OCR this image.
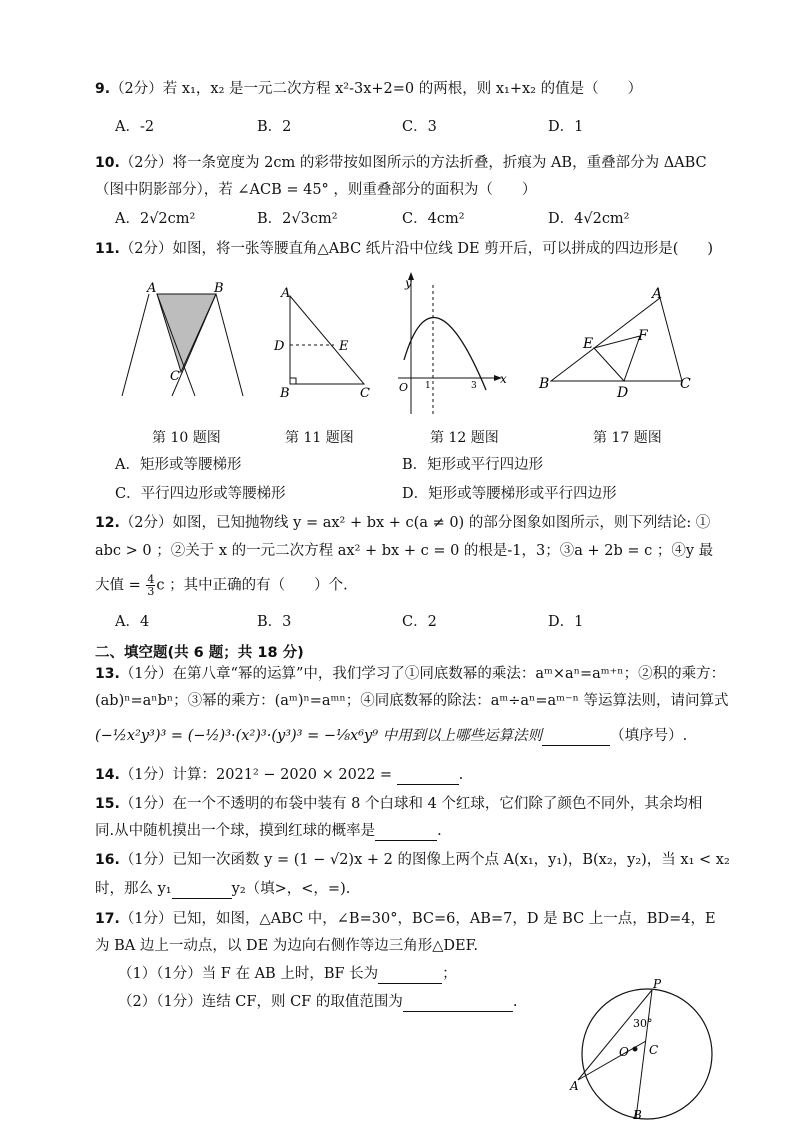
9.（2分）若 x₁，x₂ 是一元二次方程 x²-3x+2=0 的两根，则 x₁+x₂ 的值是（　　）
A．-2	B．2	C．3	D．1
10.（2分）将一条宽度为 2cm 的彩带按如图所示的方法折叠，折痕为 AB，重叠部分为 ΔABC
（图中阴影部分），若 ∠ACB = 45° ，则重叠部分的面积为（　　）
A．2√2cm²	B．2√3cm²	C．4cm²	D．4√2cm²
11.（2分）如图，将一张等腰直角△ABC 纸片沿中位线 DE 剪开后，可以拼成的四边形是(　　)
A	B
C
A
D	E
B	C
y
x
O 1	3
A
E	F
B
D
C
第 10 题图	第 11 题图	第 12 题图	第 17 题图
A．矩形或等腰梯形	B．矩形或平行四边形
C．平行四边形或等腰梯形	D．矩形或等腰梯形或平行四边形
12.（2分）如图，已知抛物线 y = ax² + bx + c(a ≠ 0) 的部分图象如图所示，则下列结论: ①
abc > 0 ；②关于 x 的一元二次方程 ax² + bx + c = 0 的根是-1，3；③a + 2b = c ；④y 最
大值 = $\frac{4}{3}$ c ；其中正确的有（　　）个.
A．4	B．3	C．2	D．1
二、填空题(共 6 题；共 18 分)
13.（1分）在第八章“幂的运算”中，我们学习了①同底数幂的乘法：aᵐ×aⁿ=aᵐ⁺ⁿ；②积的乘方：
(ab)ⁿ=aⁿbⁿ；③幂的乘方：(aᵐ)ⁿ=aᵐⁿ；④同底数幂的除法：aᵐ÷aⁿ=aᵐ⁻ⁿ 等运算法则，请问算式
(−½x²y³)³ = (−½)³·(x²)³·(y³)³ = −⅛x⁶y⁹ 中用到以上哪些运算法则	（填序号）.
14.（1分）计算：2021² − 2020 × 2022 =	.
15.（1分）在一个不透明的布袋中装有 8 个白球和 4 个红球，它们除了颜色不同外，其余均相
同.从中随机摸出一个球，摸到红球的概率是	.
16.（1分）已知一次函数 y = (1 − √2)x + 2 的图像上两个点 A(x₁，y₁)，B(x₂，y₂)，当 x₁ < x₂
时，那么 y₁	y₂（填>，<，=).
17.（1分）已知，如图，△ABC 中，∠B=30°，BC=6，AB=7，D 是 BC 上一点，BD=4，E
为 BA 边上一动点，以 DE 为边向右侧作等边三角形△DEF.
（1）（1分）当 F 在 AB 上时，BF 长为	；
（2）（1分）连结 CF，则 CF 的取值范围为	.
P
30°
O C
A
B
